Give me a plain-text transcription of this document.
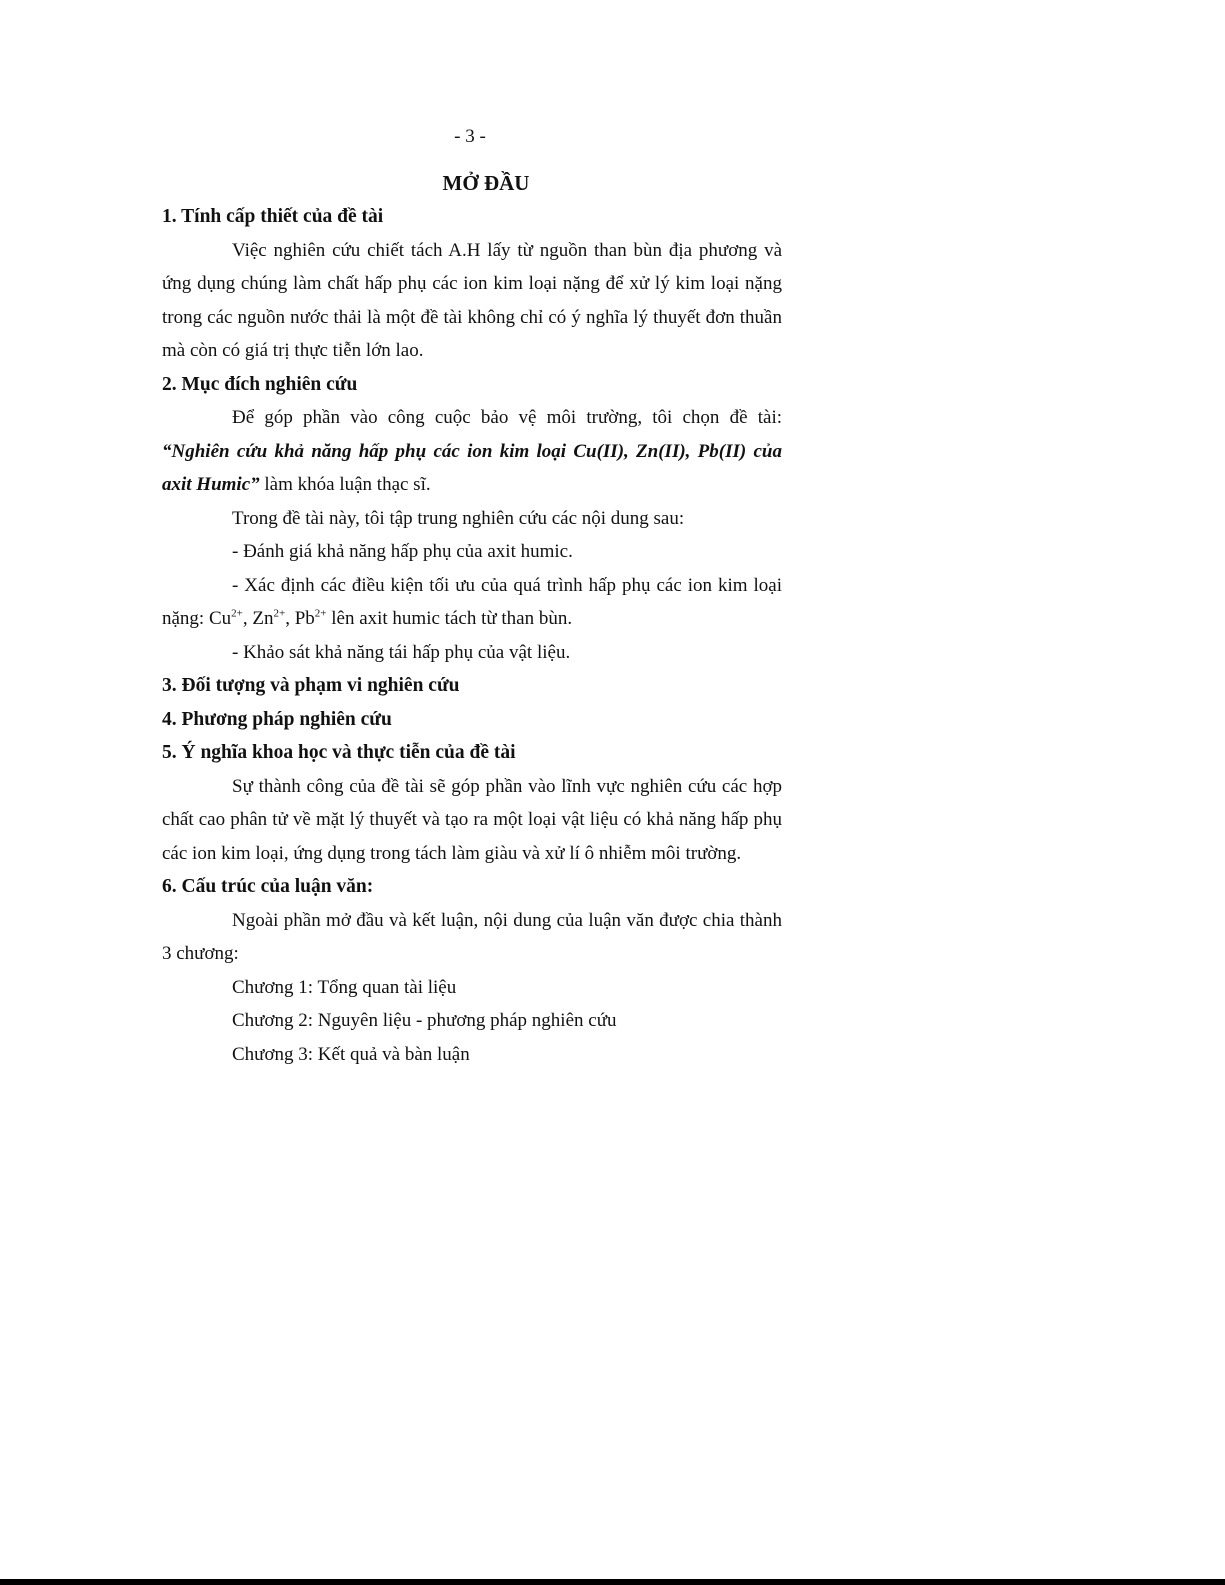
- 3 -
MỞ ĐẦU

1. Tính cấp thiết của đề tài

Việc nghiên cứu chiết tách A.H lấy từ nguồn than bùn địa phương và ứng dụng chúng làm chất hấp phụ các ion kim loại nặng để xử lý kim loại nặng trong các nguồn nước thải là một đề tài không chỉ có ý nghĩa lý thuyết đơn thuần mà còn có giá trị thực tiễn lớn lao.

2. Mục đích nghiên cứu

Để góp phần vào công cuộc bảo vệ môi trường, tôi chọn đề tài: “Nghiên cứu khả năng hấp phụ các ion kim loại Cu(II), Zn(II), Pb(II) của axit Humic” làm khóa luận thạc sĩ.

Trong đề tài này, tôi tập trung nghiên cứu các nội dung sau:

- Đánh giá khả năng hấp phụ của axit humic.

- Xác định các điều kiện tối ưu của quá trình hấp phụ các ion kim loại nặng: $Cu^{2+}$, $Zn^{2+}$, $Pb^{2+}$ lên axit humic tách từ than bùn.

- Khảo sát khả năng tái hấp phụ của vật liệu.

3. Đối tượng và phạm vi nghiên cứu

4. Phương pháp nghiên cứu

5. Ý nghĩa khoa học và thực tiễn của đề tài

Sự thành công của đề tài sẽ góp phần vào lĩnh vực nghiên cứu các hợp chất cao phân tử về mặt lý thuyết và tạo ra một loại vật liệu có khả năng hấp phụ các ion kim loại, ứng dụng trong tách làm giàu và xử lí ô nhiễm môi trường.

6. Cấu trúc của luận văn:

Ngoài phần mở đầu và kết luận, nội dung của luận văn được chia thành 3 chương:

Chương 1: Tổng quan tài liệu

Chương 2: Nguyên liệu - phương pháp nghiên cứu

Chương 3: Kết quả và bàn luận
